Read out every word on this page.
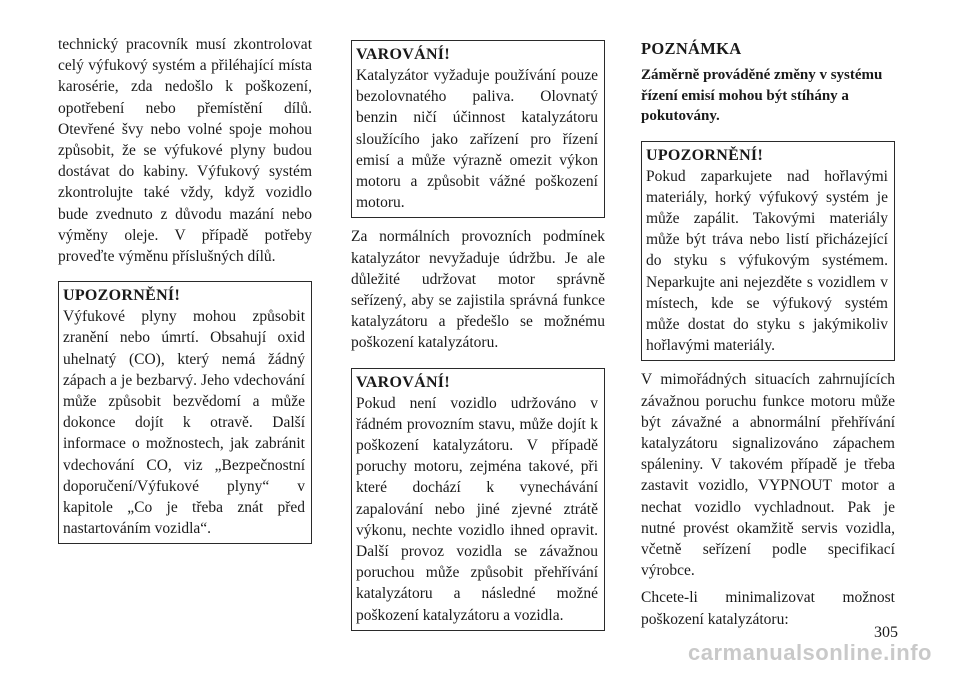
technický pracovník musí zkontrolovat celý výfukový systém a přiléhající místa karosérie, zda nedošlo k poškození, opotřebení nebo přemístění dílů. Otevřené švy nebo volné spoje mohou způsobit, že se výfukové plyny budou dostávat do kabiny. Výfukový systém zkontrolujte také vždy, když vozidlo bude zvednuto z důvodu mazání nebo výměny oleje. V případě potřeby proveďte výměnu příslušných dílů.

UPOZORNĚNÍ!

Výfukové plyny mohou způsobit zranění nebo úmrtí. Obsahují oxid uhelnatý (CO), který nemá žádný zápach a je bezbarvý. Jeho vdechování může způsobit bezvědomí a může dokonce dojít k otravě. Další informace o možnostech, jak zabránit vdechování CO, viz „Bezpečnostní doporučení/Výfukové plyny“ v kapitole „Co je třeba znát před nastartováním vozidla“.

VAROVÁNÍ!

Katalyzátor vyžaduje používání pouze bezolovnatého paliva. Olovnatý benzin ničí účinnost katalyzátoru sloužícího jako zařízení pro řízení emisí a může výrazně omezit výkon motoru a způsobit vážné poškození motoru.

Za normálních provozních podmínek katalyzátor nevyžaduje údržbu. Je ale důležité udržovat motor správně seřízený, aby se zajistila správná funkce katalyzátoru a předešlo se možnému poškození katalyzátoru.

VAROVÁNÍ!

Pokud není vozidlo udržováno v řádném provozním stavu, může dojít k poškození katalyzátoru. V případě poruchy motoru, zejména takové, při které dochází k vynechávání zapalování nebo jiné zjevné ztrátě výkonu, nechte vozidlo ihned opravit. Další provoz vozidla se závažnou poruchou může způsobit přehřívání katalyzátoru a následné možné poškození katalyzátoru a vozidla.

POZNÁMKA
Záměrně prováděné změny v systému řízení emisí mohou být stíhány a pokutovány.
UPOZORNĚNÍ!

Pokud zaparkujete nad hořlavými materiály, horký výfukový systém je může zapálit. Takovými materiály může být tráva nebo listí přicházející do styku s výfukovým systémem. Neparkujte ani nejezděte s vozidlem v místech, kde se výfukový systém může dostat do styku s jakýmikoliv hořlavými materiály.

V mimořádných situacích zahrnujících závažnou poruchu funkce motoru může být závažné a abnormální přehřívání katalyzátoru signalizováno zápachem spáleniny. V takovém případě je třeba zastavit vozidlo, VYPNOUT motor a nechat vozidlo vychladnout. Pak je nutné provést okamžitě servis vozidla, včetně seřízení podle specifikací výrobce.

Chcete-li minimalizovat možnost poškození katalyzátoru:

305
carmanualsonline.info
